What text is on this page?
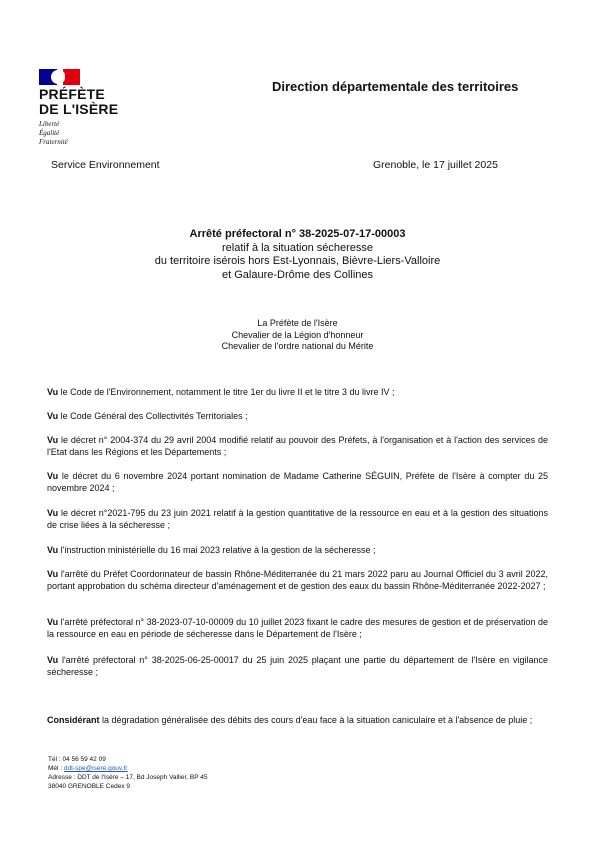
PRÉFÈTE
DE L'ISÈRE
Liberté
Égalité
Fraternité
Direction départementale des territoires
Service Environnement	Grenoble, le 17 juillet 2025
Arrêté préfectoral n° 38-2025-07-17-00003
relatif à la situation sécheresse
du territoire isérois hors Est-Lyonnais, Bièvre-Liers-Valloire
et Galaure-Drôme des Collines
La Préfète de l'Isère
Chevalier de la Légion d'honneur
Chevalier de l'ordre national du Mérite
Vu le Code de l'Environnement, notamment le titre 1er du livre II et le titre 3 du livre IV ;
Vu le Code Général des Collectivités Territoriales ;
Vu le décret n° 2004-374 du 29 avril 2004 modifié relatif au pouvoir des Préfets, à l'organisation et à l'action des services de l'Etat dans les Régions et les Départements ;
Vu le décret du 6 novembre 2024 portant nomination de Madame Catherine SÉGUIN, Préfète de l'Isère à compter du 25 novembre 2024 ;
Vu le décret n°2021-795 du 23 juin 2021 relatif à la gestion quantitative de la ressource en eau et à la gestion des situations de crise liées à la sécheresse ;
Vu l'instruction ministérielle du 16 mai 2023 relative à la gestion de la sécheresse ;
Vu l'arrêté du Préfet Coordonnateur de bassin Rhône-Méditerranée du 21 mars 2022 paru au Journal Officiel du 3 avril 2022, portant approbation du schéma directeur d'aménagement et de gestion des eaux du bassin Rhône-Méditerranée 2022-2027 ;
Vu l'arrêté préfectoral n° 38-2023-07-10-00009 du 10 juillet 2023 fixant le cadre des mesures de gestion et de préservation de la ressource en eau en période de sécheresse dans le Département de l'Isère ;
Vu l'arrêté préfectoral n° 38-2025-06-25-00017 du 25 juin 2025 plaçant une partie du département de l'Isère en vigilance sécheresse ;
Considérant la dégradation généralisée des débits des cours d'eau face à la situation caniculaire et à l'absence de pluie ;
Tél : 04 56 59 42 09
Mél : ddt-spe@isere.gouv.fr
Adresse : DDT de l'Isère – 17, Bd Joseph Vallier, BP 45
38040 GRENOBLE Cedex 9
